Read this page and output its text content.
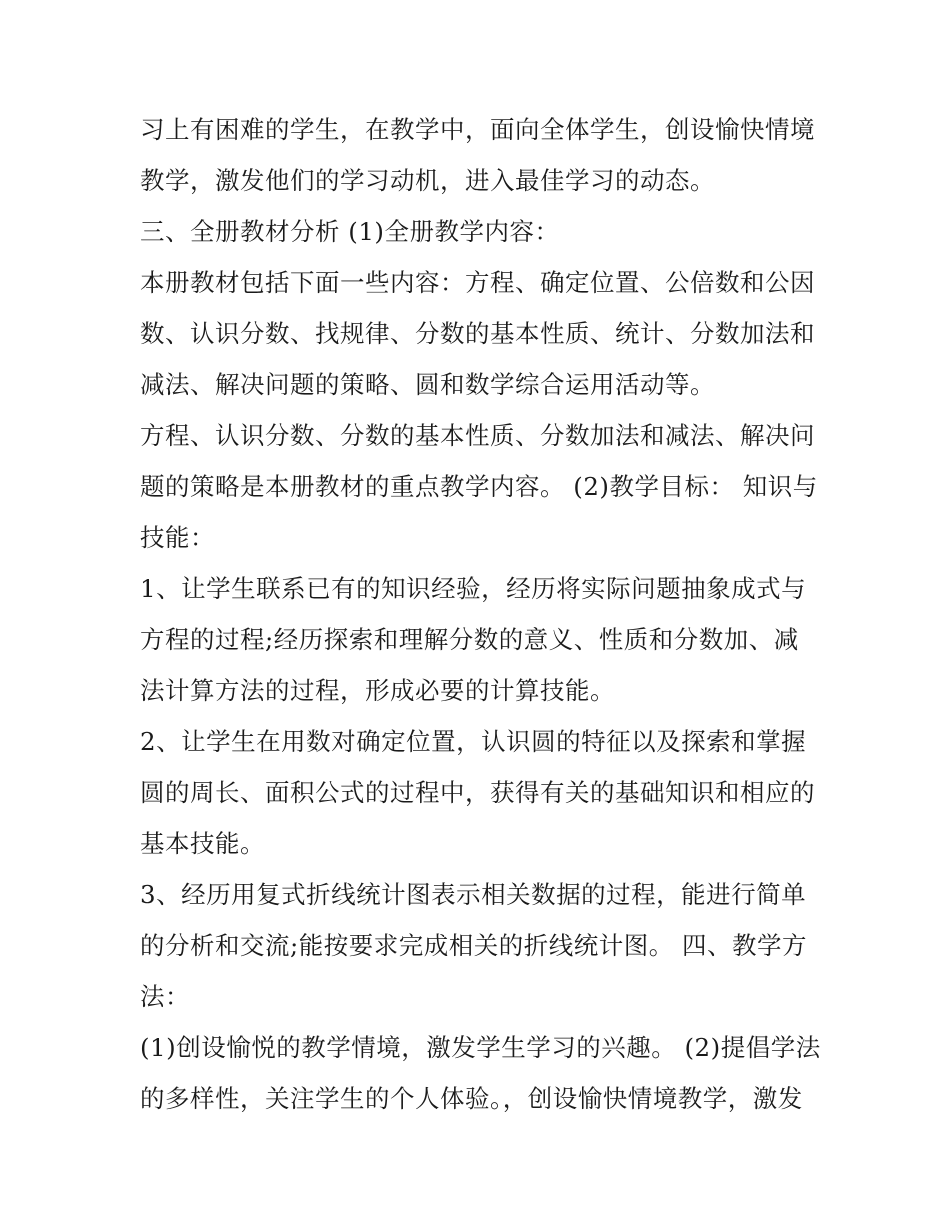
习上有困难的学生，在教学中，面向全体学生，创设愉快情境
教学，激发他们的学习动机，进入最佳学习的动态。
三、全册教材分析 (1)全册教学内容：
本册教材包括下面一些内容：方程、确定位置、公倍数和公因
数、认识分数、找规律、分数的基本性质、统计、分数加法和
减法、解决问题的策略、圆和数学综合运用活动等。
方程、认识分数、分数的基本性质、分数加法和减法、解决问
题的策略是本册教材的重点教学内容。 (2)教学目标： 知识与
技能：
1、让学生联系已有的知识经验，经历将实际问题抽象成式与
方程的过程;经历探索和理解分数的意义、性质和分数加、减
法计算方法的过程，形成必要的计算技能。
2、让学生在用数对确定位置，认识圆的特征以及探索和掌握
圆的周长、面积公式的过程中，获得有关的基础知识和相应的
基本技能。
3、经历用复式折线统计图表示相关数据的过程，能进行简单
的分析和交流;能按要求完成相关的折线统计图。 四、教学方
法：
(1)创设愉悦的教学情境，激发学生学习的兴趣。 (2)提倡学法
的多样性，关注学生的个人体验。，创设愉快情境教学，激发
